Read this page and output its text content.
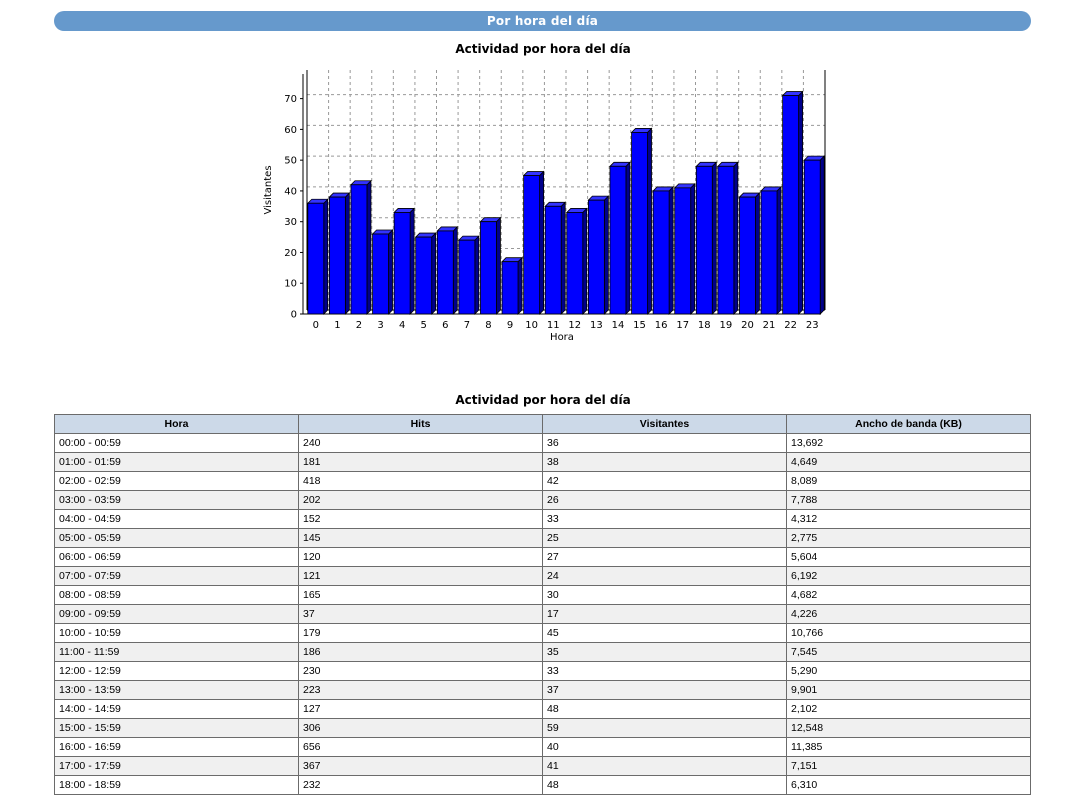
Por hora del día
Actividad por hora del día
0
10
20
30
40
50
60
70
0 1 2 3 4 5 6 7 8 9 10 11 12 13 14 15 16 17 18 19 20 21 22 23
Hora
Visitantes
Actividad por hora del día
Hora	Hits	Visitantes	Ancho de banda (KB)
00:00 - 00:59	240	36	13,692
01:00 - 01:59	181	38	4,649
02:00 - 02:59	418	42	8,089
03:00 - 03:59	202	26	7,788
04:00 - 04:59	152	33	4,312
05:00 - 05:59	145	25	2,775
06:00 - 06:59	120	27	5,604
07:00 - 07:59	121	24	6,192
08:00 - 08:59	165	30	4,682
09:00 - 09:59	37	17	4,226
10:00 - 10:59	179	45	10,766
11:00 - 11:59	186	35	7,545
12:00 - 12:59	230	33	5,290
13:00 - 13:59	223	37	9,901
14:00 - 14:59	127	48	2,102
15:00 - 15:59	306	59	12,548
16:00 - 16:59	656	40	11,385
17:00 - 17:59	367	41	7,151
18:00 - 18:59	232	48	6,310
